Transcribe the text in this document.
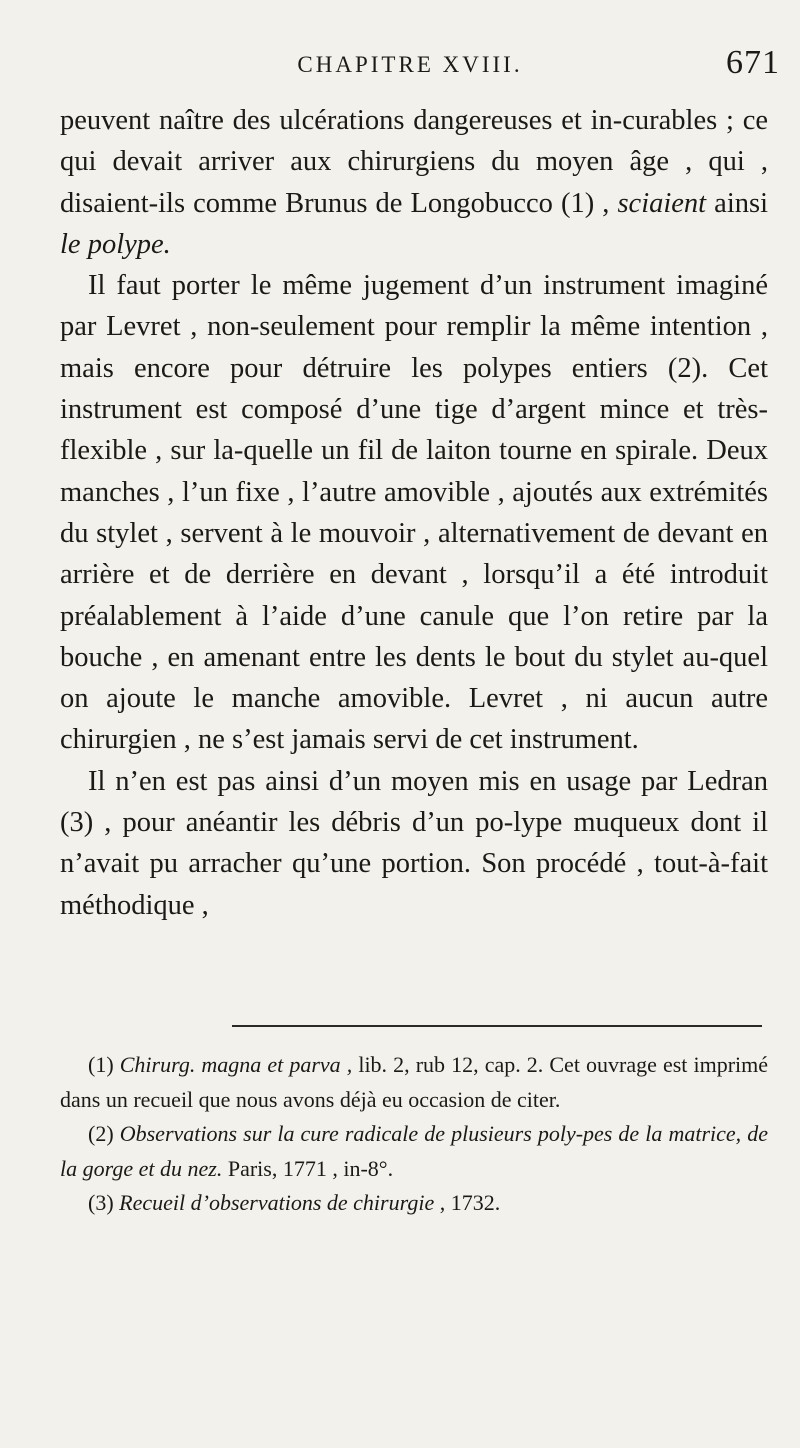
CHAPITRE XVIII.	671

peuvent naître des ulcérations dangereuses et in-curables ; ce qui devait arriver aux chirurgiens du moyen âge , qui , disaient-ils comme Brunus de Longobucco (1) , sciaient ainsi le polype.

Il faut porter le même jugement d’un instrument imaginé par Levret , non-seulement pour remplir la même intention , mais encore pour détruire les polypes entiers (2). Cet instrument est composé d’une tige d’argent mince et très-flexible , sur la-quelle un fil de laiton tourne en spirale. Deux manches , l’un fixe , l’autre amovible , ajoutés aux extrémités du stylet , servent à le mouvoir , alternativement de devant en arrière et de derrière en devant , lorsqu’il a été introduit préalablement à l’aide d’une canule que l’on retire par la bouche , en amenant entre les dents le bout du stylet au-quel on ajoute le manche amovible. Levret , ni aucun autre chirurgien , ne s’est jamais servi de cet instrument.

Il n’en est pas ainsi d’un moyen mis en usage par Ledran (3) , pour anéantir les débris d’un po-lype muqueux dont il n’avait pu arracher qu’une portion. Son procédé , tout-à-fait méthodique ,

(1) Chirurg. magna et parva , lib. 2, rub 12, cap. 2. Cet ouvrage est imprimé dans un recueil que nous avons déjà eu occasion de citer.

(2) Observations sur la cure radicale de plusieurs poly-pes de la matrice, de la gorge et du nez. Paris, 1771 , in-8°.

(3) Recueil d’observations de chirurgie , 1732.
